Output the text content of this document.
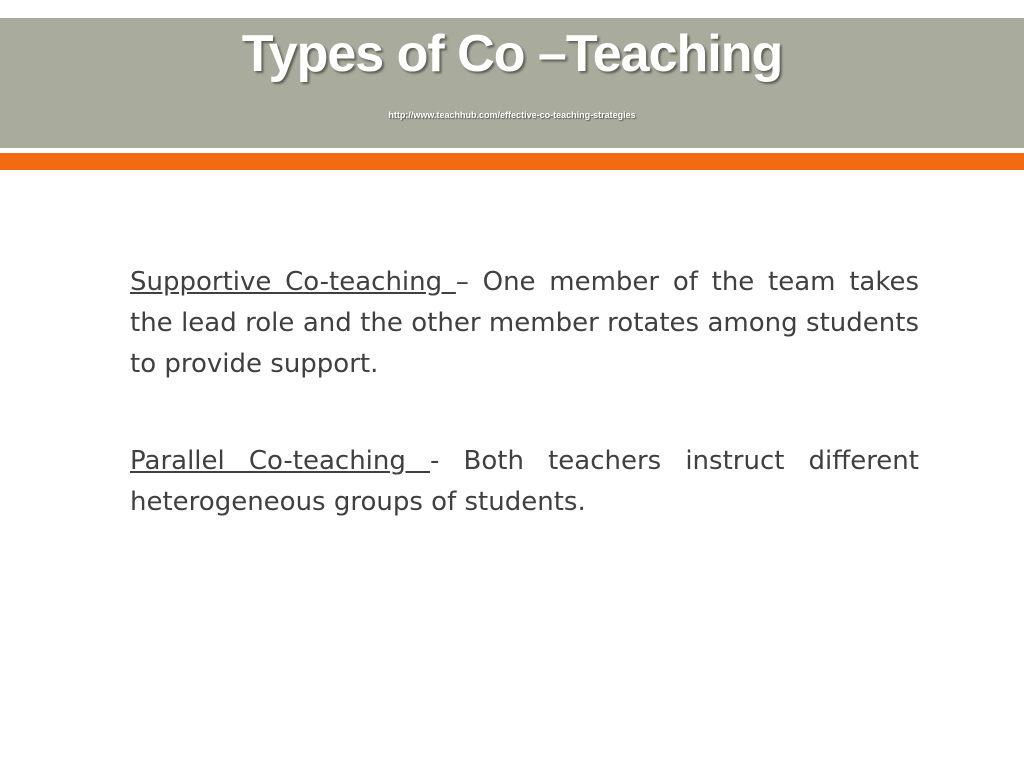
Types of Co –Teaching
http://www.teachhub.com/effective-co-teaching-strategies

Supportive Co-teaching – One member of the team takes the lead role and the other member rotates among students to provide support.

Parallel Co-teaching - Both teachers instruct different heterogeneous groups of students.
